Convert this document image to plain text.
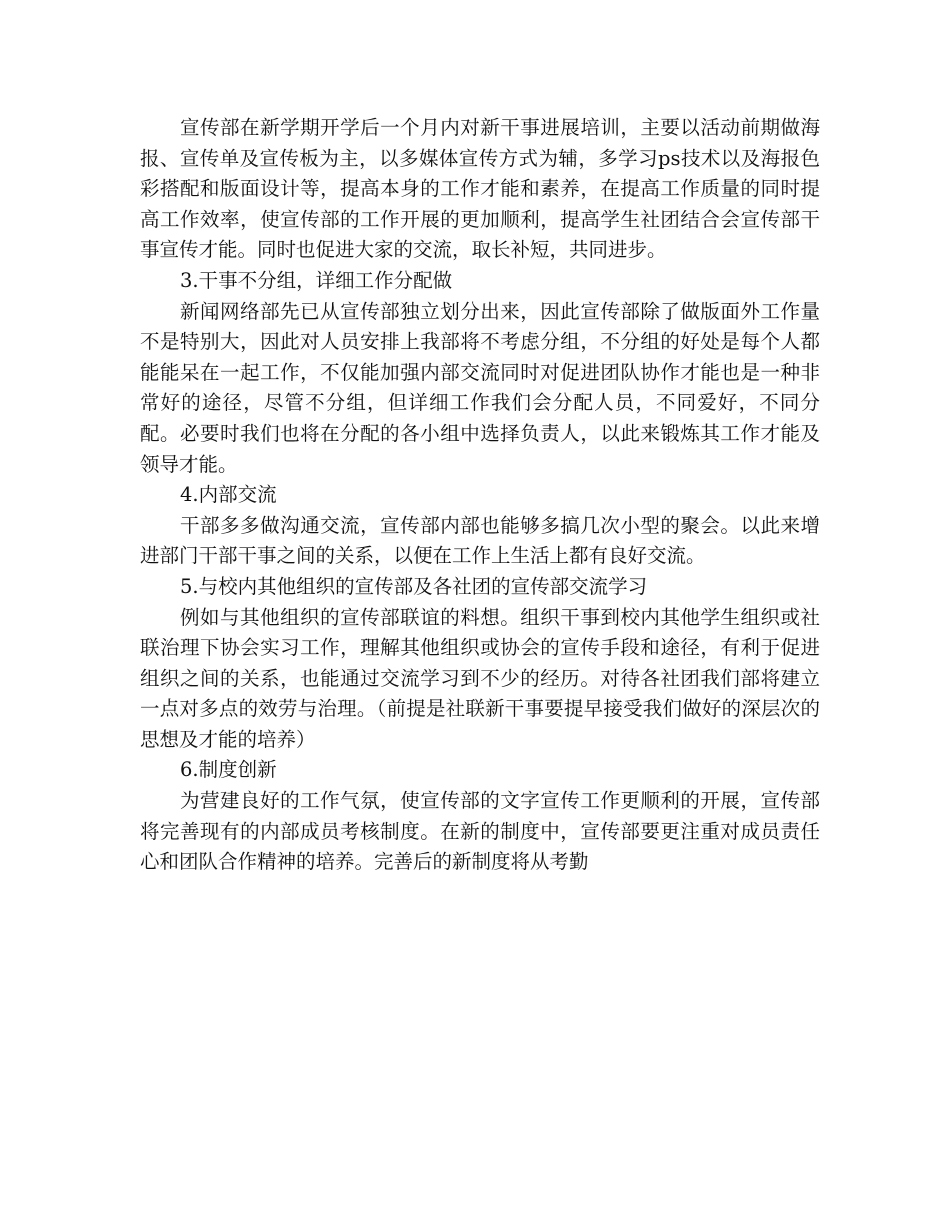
宣传部在新学期开学后一个月内对新干事进展培训，主要以活动前期做海报、宣传单及宣传板为主，以多媒体宣传方式为辅，多学习ps技术以及海报色彩搭配和版面设计等，提高本身的工作才能和素养，在提高工作质量的同时提高工作效率，使宣传部的工作开展的更加顺利，提高学生社团结合会宣传部干事宣传才能。同时也促进大家的交流，取长补短，共同进步。

3.干事不分组，详细工作分配做

新闻网络部先已从宣传部独立划分出来，因此宣传部除了做版面外工作量不是特别大，因此对人员安排上我部将不考虑分组，不分组的好处是每个人都能能呆在一起工作，不仅能加强内部交流同时对促进团队协作才能也是一种非常好的途径，尽管不分组，但详细工作我们会分配人员，不同爱好，不同分配。必要时我们也将在分配的各小组中选择负责人，以此来锻炼其工作才能及领导才能。

4.内部交流

干部多多做沟通交流，宣传部内部也能够多搞几次小型的聚会。以此来增进部门干部干事之间的关系，以便在工作上生活上都有良好交流。

5.与校内其他组织的宣传部及各社团的宣传部交流学习

例如与其他组织的宣传部联谊的料想。组织干事到校内其他学生组织或社联治理下协会实习工作，理解其他组织或协会的宣传手段和途径，有利于促进组织之间的关系，也能通过交流学习到不少的经历。对待各社团我们部将建立一点对多点的效劳与治理。（前提是社联新干事要提早接受我们做好的深层次的思想及才能的培养）

6.制度创新

为营建良好的工作气氛，使宣传部的文字宣传工作更顺利的开展，宣传部将完善现有的内部成员考核制度。在新的制度中，宣传部要更注重对成员责任心和团队合作精神的培养。完善后的新制度将从考勤
